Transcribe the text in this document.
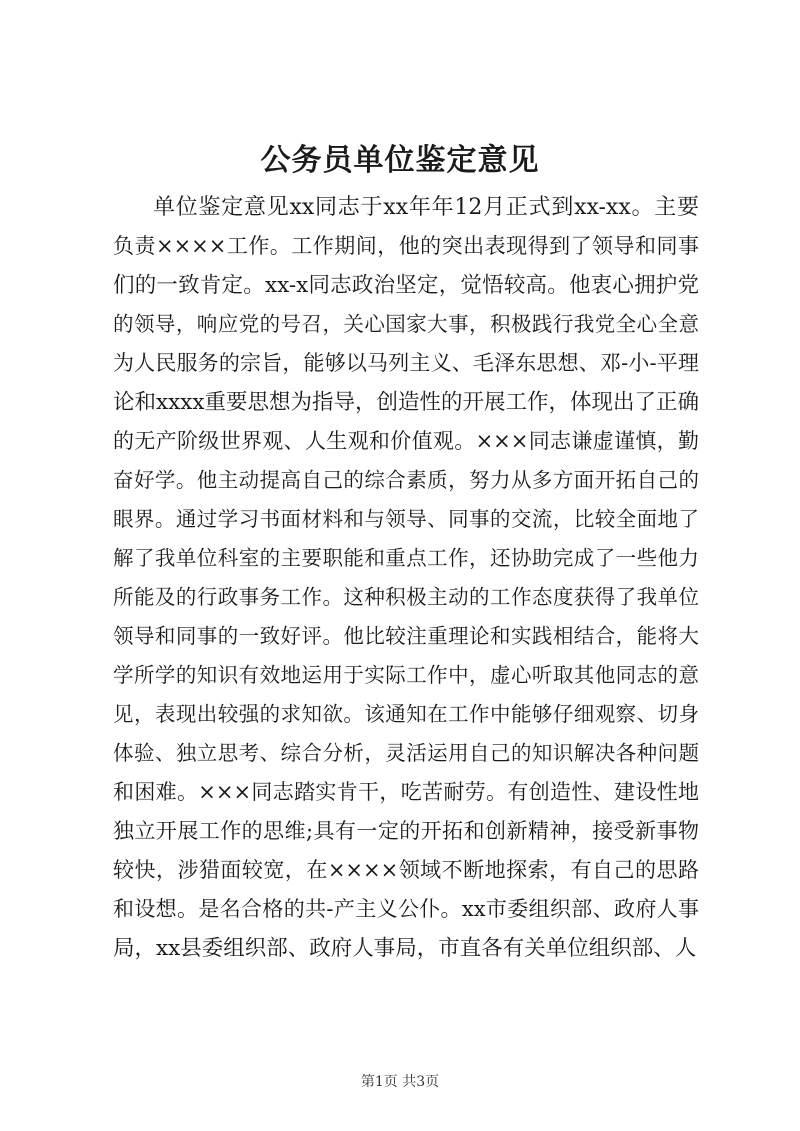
公务员单位鉴定意见
单位鉴定意见xx同志于xx年年12月正式到xx-xx。主要
负责××××工作。工作期间，他的突出表现得到了领导和同事
们的一致肯定。xx-x同志政治坚定，觉悟较高。他衷心拥护党
的领导，响应党的号召，关心国家大事，积极践行我党全心全意
为人民服务的宗旨，能够以马列主义、毛泽东思想、邓-小-平理
论和xxxx重要思想为指导，创造性的开展工作，体现出了正确
的无产阶级世界观、人生观和价值观。×××同志谦虚谨慎，勤
奋好学。他主动提高自己的综合素质，努力从多方面开拓自己的
眼界。通过学习书面材料和与领导、同事的交流，比较全面地了
解了我单位科室的主要职能和重点工作，还协助完成了一些他力
所能及的行政事务工作。这种积极主动的工作态度获得了我单位
领导和同事的一致好评。他比较注重理论和实践相结合，能将大
学所学的知识有效地运用于实际工作中，虚心听取其他同志的意
见，表现出较强的求知欲。该通知在工作中能够仔细观察、切身
体验、独立思考、综合分析，灵活运用自己的知识解决各种问题
和困难。×××同志踏实肯干，吃苦耐劳。有创造性、建设性地
独立开展工作的思维;具有一定的开拓和创新精神，接受新事物
较快，涉猎面较宽，在××××领域不断地探索，有自己的思路
和设想。是名合格的共-产主义公仆。xx市委组织部、政府人事
局，xx县委组织部、政府人事局，市直各有关单位组织部、人
第1页 共3页
